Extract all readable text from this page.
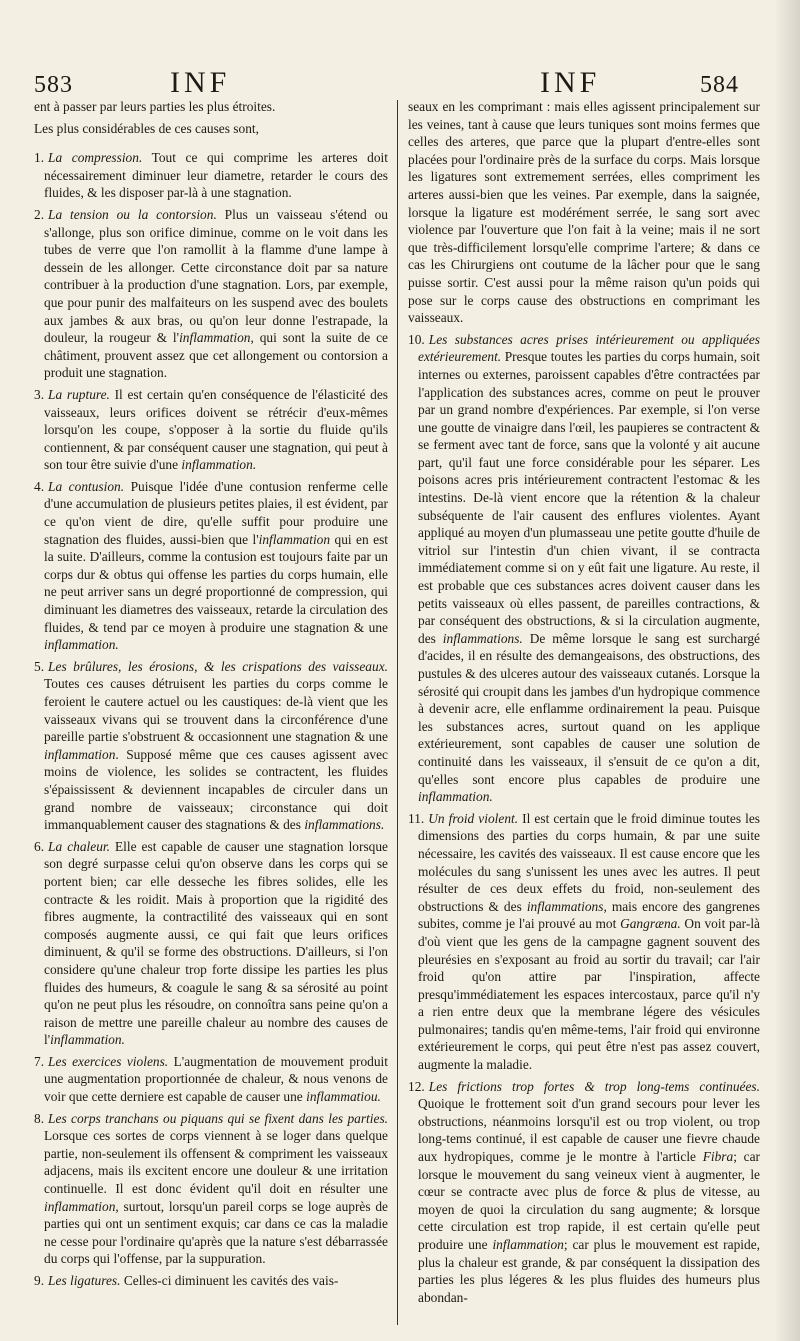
583	INF	INF	584

ent à passer par leurs parties les plus étroites.

Les plus considérables de ces causes sont,

1. La compression. Tout ce qui comprime les arteres doit nécessairement diminuer leur diametre, retarder le cours des fluides, & les disposer par-là à une stagnation.

2. La tension ou la contorsion. Plus un vaisseau s'étend ou s'allonge, plus son orifice diminue, comme on le voit dans les tubes de verre que l'on ramollit à la flamme d'une lampe à dessein de les allonger. Cette circonstance doit par sa nature contribuer à la production d'une stagnation. Lors, par exemple, que pour punir des malfaiteurs on les suspend avec des boulets aux jambes & aux bras, ou qu'on leur donne l'estrapade, la douleur, la rougeur & l'inflammation, qui sont la suite de ce châtiment, prouvent assez que cet allongement ou contorsion a produit une stagnation.

3. La rupture. Il est certain qu'en conséquence de l'élasticité des vaisseaux, leurs orifices doivent se rétrécir d'eux-mêmes lorsqu'on les coupe, s'opposer à la sortie du fluide qu'ils contiennent, & par conséquent causer une stagnation, qui peut à son tour être suivie d'une inflammation.

4. La contusion. Puisque l'idée d'une contusion renferme celle d'une accumulation de plusieurs petites plaies, il est évident, par ce qu'on vient de dire, qu'elle suffit pour produire une stagnation des fluides, aussi-bien que l'inflammation qui en est la suite. D'ailleurs, comme la contusion est toujours faite par un corps dur & obtus qui offense les parties du corps humain, elle ne peut arriver sans un degré proportionné de compression, qui diminuant les diametres des vaisseaux, retarde la circulation des fluides, & tend par ce moyen à produire une stagnation & une inflammation.

5. Les brûlures, les érosions, & les crispations des vaisseaux. Toutes ces causes détruisent les parties du corps comme le feroient le cautere actuel ou les caustiques: de-là vient que les vaisseaux vivans qui se trouvent dans la circonférence d'une pareille partie s'obstruent & occasionnent une stagnation & une inflammation. Supposé même que ces causes agissent avec moins de violence, les solides se contractent, les fluides s'épaississent & deviennent incapables de circuler dans un grand nombre de vaisseaux; circonstance qui doit immanquablement causer des stagnations & des inflammations.

6. La chaleur. Elle est capable de causer une stagnation lorsque son degré surpasse celui qu'on observe dans les corps qui se portent bien; car elle desseche les fibres solides, elle les contracte & les roidit. Mais à proportion que la rigidité des fibres augmente, la contractilité des vaisseaux qui en sont composés augmente aussi, ce qui fait que leurs orifices diminuent, & qu'il se forme des obstructions. D'ailleurs, si l'on considere qu'une chaleur trop forte dissipe les parties les plus fluides des humeurs, & coagule le sang & sa sérosité au point qu'on ne peut plus les résoudre, on connoîtra sans peine qu'on a raison de mettre une pareille chaleur au nombre des causes de l'inflammation.

7. Les exercices violens. L'augmentation de mouvement produit une augmentation proportionnée de chaleur, & nous venons de voir que cette derniere est capable de causer une inflammatiou.

8. Les corps tranchans ou piquans qui se fixent dans les parties. Lorsque ces sortes de corps viennent à se loger dans quelque partie, non-seulement ils offensent & compriment les vaisseaux adjacens, mais ils excitent encore une douleur & une irritation continuelle. Il est donc évident qu'il doit en résulter une inflammation, surtout, lorsqu'un pareil corps se loge auprès de parties qui ont un sentiment exquis; car dans ce cas la maladie ne cesse pour l'ordinaire qu'après que la nature s'est débarrassée du corps qui l'offense, par la suppuration.

9. Les ligatures. Celles-ci diminuent les cavités des vais-

seaux en les comprimant : mais elles agissent principalement sur les veines, tant à cause que leurs tuniques sont moins fermes que celles des arteres, que parce que la plupart d'entre-elles sont placées pour l'ordinaire près de la surface du corps. Mais lorsque les ligatures sont extremement serrées, elles compriment les arteres aussi-bien que les veines. Par exemple, dans la saignée, lorsque la ligature est modérément serrée, le sang sort avec violence par l'ouverture que l'on fait à la veine; mais il ne sort que très-difficilement lorsqu'elle comprime l'artere; & dans ce cas les Chirurgiens ont coutume de la lâcher pour que le sang puisse sortir. C'est aussi pour la même raison qu'un poids qui pose sur le corps cause des obstructions en comprimant les vaisseaux.

10. Les substances acres prises intérieurement ou appliquées extérieurement. Presque toutes les parties du corps humain, soit internes ou externes, paroissent capables d'être contractées par l'application des substances acres, comme on peut le prouver par un grand nombre d'expériences. Par exemple, si l'on verse une goutte de vinaigre dans l'œil, les paupieres se contractent & se ferment avec tant de force, sans que la volonté y ait aucune part, qu'il faut une force considérable pour les séparer. Les poisons acres pris intérieurement contractent l'estomac & les intestins. De-là vient encore que la rétention & la chaleur subséquente de l'air causent des enflures violentes. Ayant appliqué au moyen d'un plumasseau une petite goutte d'huile de vitriol sur l'intestin d'un chien vivant, il se contracta immédiatement comme si on y eût fait une ligature. Au reste, il est probable que ces substances acres doivent causer dans les petits vaisseaux où elles passent, de pareilles contractions, & par conséquent des obstructions, & si la circulation augmente, des inflammations. De même lorsque le sang est surchargé d'acides, il en résulte des demangeaisons, des obstructions, des pustules & des ulceres autour des vaisseaux cutanés. Lorsque la sérosité qui croupit dans les jambes d'un hydropique commence à devenir acre, elle enflamme ordinairement la peau. Puisque les substances acres, surtout quand on les applique extérieurement, sont capables de causer une solution de continuité dans les vaisseaux, il s'ensuit de ce qu'on a dit, qu'elles sont encore plus capables de produire une inflammation.

11. Un froid violent. Il est certain que le froid diminue toutes les dimensions des parties du corps humain, & par une suite nécessaire, les cavités des vaisseaux. Il est cause encore que les molécules du sang s'unissent les unes avec les autres. Il peut résulter de ces deux effets du froid, non-seulement des obstructions & des inflammations, mais encore des gangrenes subites, comme je l'ai prouvé au mot Gangræna. On voit par-là d'où vient que les gens de la campagne gagnent souvent des pleurésies en s'exposant au froid au sortir du travail; car l'air froid qu'on attire par l'inspiration, affecte presqu'immédiatement les espaces intercostaux, parce qu'il n'y a rien entre deux que la membrane légere des vésicules pulmonaires; tandis qu'en même-tems, l'air froid qui environne extérieurement le corps, qui peut être n'est pas assez couvert, augmente la maladie.

12. Les frictions trop fortes & trop long-tems continuées. Quoique le frottement soit d'un grand secours pour lever les obstructions, néanmoins lorsqu'il est ou trop violent, ou trop long-tems continué, il est capable de causer une fievre chaude aux hydropiques, comme je le montre à l'article Fibra; car lorsque le mouvement du sang veineux vient à augmenter, le cœur se contracte avec plus de force & plus de vitesse, au moyen de quoi la circulation du sang augmente; & lorsque cette circulation est trop rapide, il est certain qu'elle peut produire une inflammation; car plus le mouvement est rapide, plus la chaleur est grande, & par conséquent la dissipation des parties les plus légeres & les plus fluides des humeurs plus abondan-
